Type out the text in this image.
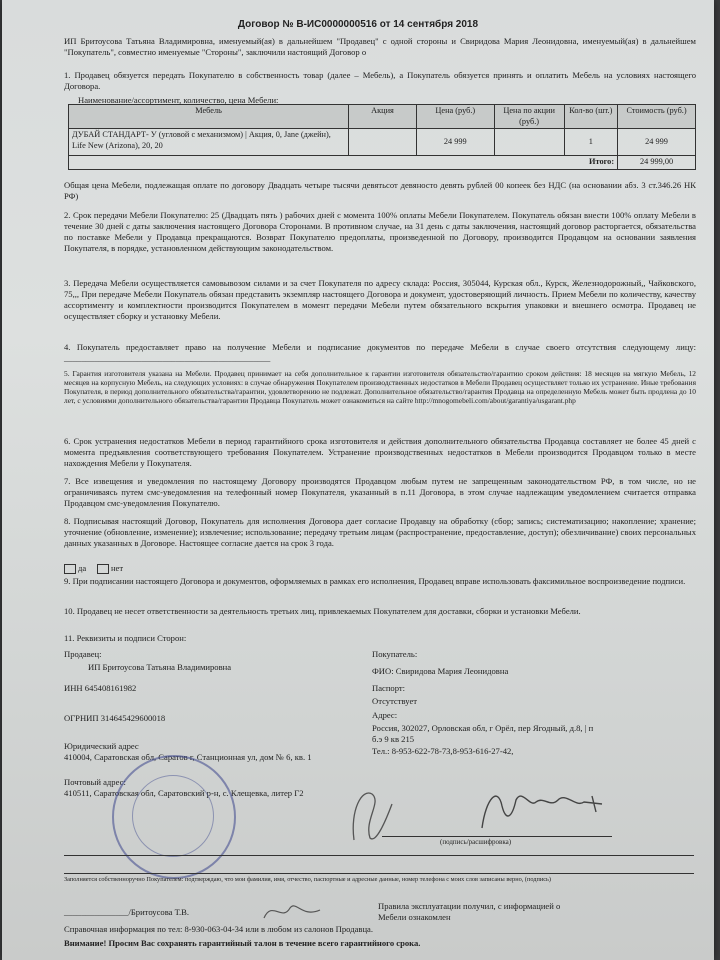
Договор № В-ИС0000000516 от 14 сентября 2018
ИП Бритоусова Татьяна Владимировна, именуемый(ая) в дальнейшем "Продавец" с одной стороны и Свиридова Мария Леонидовна, именуемый(ая) в дальнейшем "Покупатель", совместно именуемые "Стороны", заключили настоящий Договор о
1. Продавец обязуется передать Покупателю в собственность товар (далее – Мебель), а Покупатель обязуется принять и оплатить Мебель на условиях настоящего Договора.
Наименование/ассортимент, количество, цена Мебели:
Мебель	Акция	Цена (руб.)	Цена по акции (руб.)	Кол-во (шт.)	Стоимость (руб.)
ДУБАЙ СТАНДАРТ- У (угловой с механизмом) | Акция, 0, Jane (джейн), Life New (Arizona), 20, 20		24 999		1	24 999
Итого:					24 999,00
Общая цена Мебели, подлежащая оплате по договору Двадцать четыре тысячи девятьсот девяносто девять рублей 00 копеек без НДС (на основании абз. 3 ст.346.26 НК РФ)
2. Срок передачи Мебели Покупателю: 25 (Двадцать пять ) рабочих дней с момента 100% оплаты Мебели Покупателем. Покупатель обязан внести 100% оплату Мебели в течение 30 дней с даты заключения настоящего Договора Сторонами. В противном случае, на 31 день с даты заключения, настоящий договор расторгается, обязательства по поставке Мебели у Продавца прекращаются. Возврат Покупателю предоплаты, произведенной по Договору, производится Продавцом на основании заявления Покупателя, в порядке, установленном действующим законодательством.
3. Передача Мебели осуществляется самовывозом силами и за счет Покупателя по адресу склада: Россия, 305044, Курская обл., Курск, Железнодорожный,, Чайковского, 75,,, При передаче Мебели Покупатель обязан представить экземпляр настоящего Договора и документ, удостоверяющий личность. Прием Мебели по количеству, качеству ассортименту и комплектности производится Покупателем в момент передачи Мебели путем обязательного вскрытия упаковки и внешнего осмотра. Продавец не осуществляет сборку и установку Мебели.
4. Покупатель предоставляет право на получение Мебели и подписание документов по передаче Мебели в случае своего отсутствия следующему лицу: ________________________________________________
5. Гарантия изготовителя указана на Мебели. Продавец принимает на себя дополнительное к гарантии изготовителя обязательство/гарантию сроком действия: 18 месяцев на мягкую Мебель, 12 месяцев на корпусную Мебель, на следующих условиях: в случае обнаружения Покупателем производственных недостатков в Мебели Продавец осуществляет только их устранение. Иные требования Покупателя, в период дополнительного обязательства/гарантии, удовлетворению не подлежат. Дополнительное обязательство/гарантия Продавца на определенную Мебель может быть продлена до 10 лет, с условиями дополнительного обязательства/гарантии Продавца Покупатель может ознакомиться на сайте http://mnogomebeli.com/about/garantiya/usgarant.php
6. Срок устранения недостатков Мебели в период гарантийного срока изготовителя и действия дополнительного обязательства Продавца составляет не более 45 дней с момента предъявления соответствующего требования Покупателем. Устранение производственных недостатков в Мебели производится Продавцом только в месте нахождения Мебели у Покупателя.
7. Все извещения и уведомления по настоящему Договору производятся Продавцом любым путем не запрещенным законодательством РФ, в том числе, но не ограничиваясь путем смс-уведомления на телефонный номер Покупателя, указанный в п.11 Договора, в этом случае надлежащим уведомлением считается отправка Продавцом смс-уведомления Покупателю.
8. Подписывая настоящий Договор, Покупатель для исполнения Договора дает согласие Продавцу на обработку (сбор; запись; систематизацию; накопление; хранение; уточнение (обновление, изменение); извлечение; использование; передачу третьим лицам (распространение, предоставление, доступ); обезличивание) своих персональных данных указанных в Договоре. Настоящее согласие дается на срок 3 года.
да	нет
9. При подписании настоящего Договора и документов, оформляемых в рамках его исполнения, Продавец вправе использовать факсимильное воспроизведение подписи.
10. Продавец не несет ответственности за деятельность третьих лиц, привлекаемых Покупателем для доставки, сборки и установки Мебели.
11. Реквизиты и подписи Сторон:
Продавец:
ИП Бритоусова Татьяна Владимировна
ИНН 645408161982
ОГРНИП 314645429600018
Юридический адрес
410004, Саратовская обл, Саратов г, Станционная ул, дом № 6, кв. 1
Почтовый адрес:
410511, Саратовская обл, Саратовский р-н, с. Клещевка, литер Г2
Покупатель:
ФИО: Свиридова Мария Леонидовна
Паспорт:
Отсутствует
Адрес:
Россия, 302027, Орловская обл, г Орёл, пер Ягодный, д.8, | п
б.э 9 кв 215
Тел.: 8-953-622-78-73,8-953-616-27-42,
(подпись/расшифровка)
Заполняется собственноручно Покупателем: подтверждаю, что мои фамилия, имя, отчество, паспортные и адресные данные, номер телефона с моих слов записаны верно, (подпись)
_______________/Бритоусова Т.В.
Правила эксплуатации получил, с информацией о Мебели ознакомлен
Справочная информация по тел: 8-930-063-04-34 или в любом из салонов Продавца.
Внимание! Просим Вас сохранять гарантийный талон в течение всего гарантийного срока.
